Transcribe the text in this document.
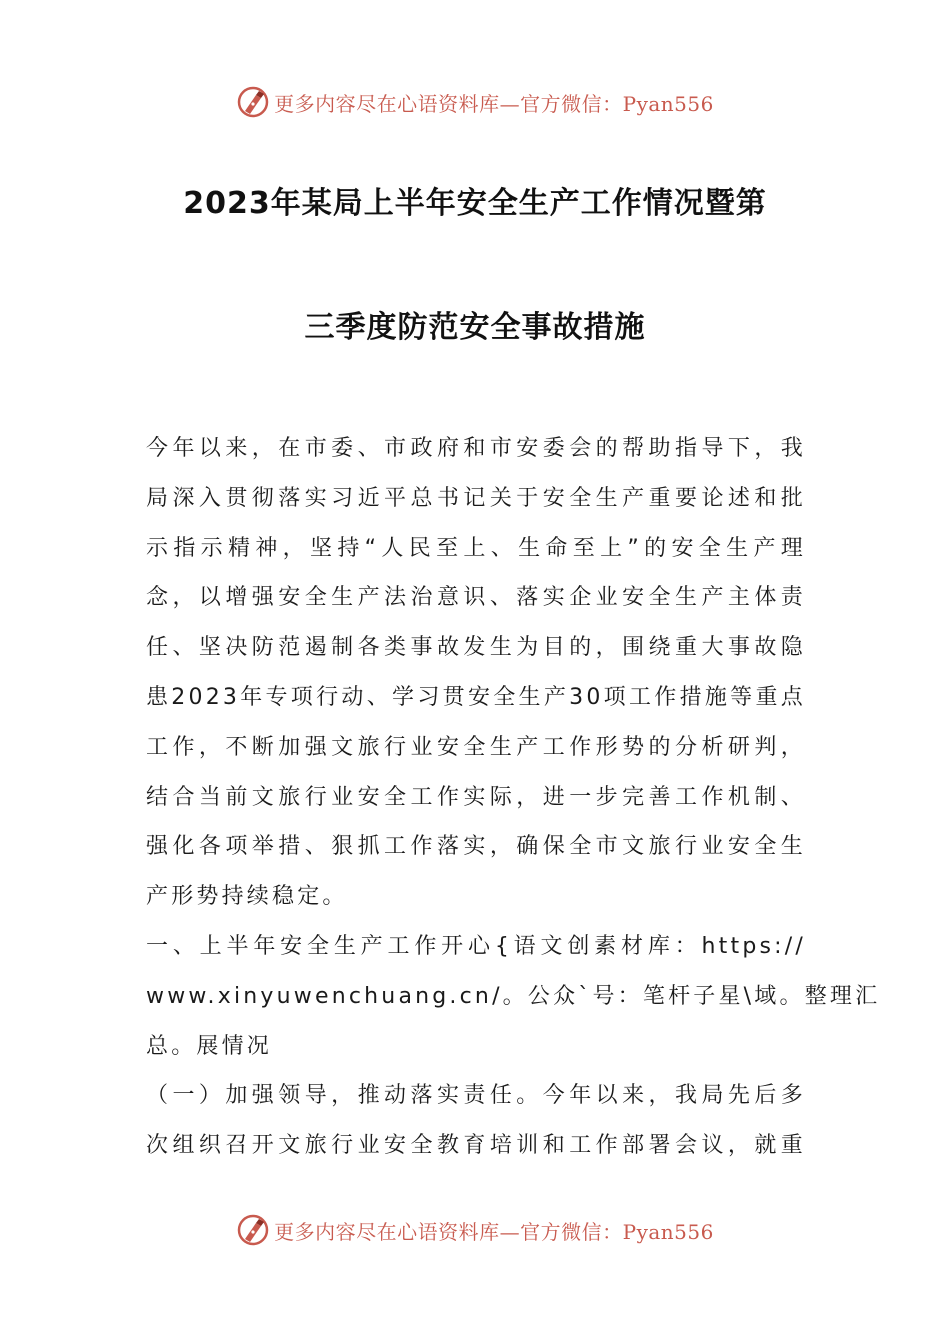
更多内容尽在心语资料库—官方微信：Pyan556
2023年某局上半年安全生产工作情况暨第
三季度防范安全事故措施
今年以来，在市委、市政府和市安委会的帮助指导下，我
局深入贯彻落实习近平总书记关于安全生产重要论述和批
示指示精神，坚持“人民至上、生命至上”的安全生产理
念，以增强安全生产法治意识、落实企业安全生产主体责
任、坚决防范遏制各类事故发生为目的，围绕重大事故隐
患2023年专项行动、学习贯安全生产30项工作措施等重点
工作，不断加强文旅行业安全生产工作形势的分析研判，
结合当前文旅行业安全工作实际，进一步完善工作机制、
强化各项举措、狠抓工作落实，确保全市文旅行业安全生
产形势持续稳定。
一、上半年安全生产工作开心{语文创素材库：https://
www.xinyuwenchuang.cn/。公众`号：笔杆子星\域。整理汇
总。展情况
（一）加强领导，推动落实责任。今年以来，我局先后多
次组织召开文旅行业安全教育培训和工作部署会议，就重
更多内容尽在心语资料库—官方微信：Pyan556
